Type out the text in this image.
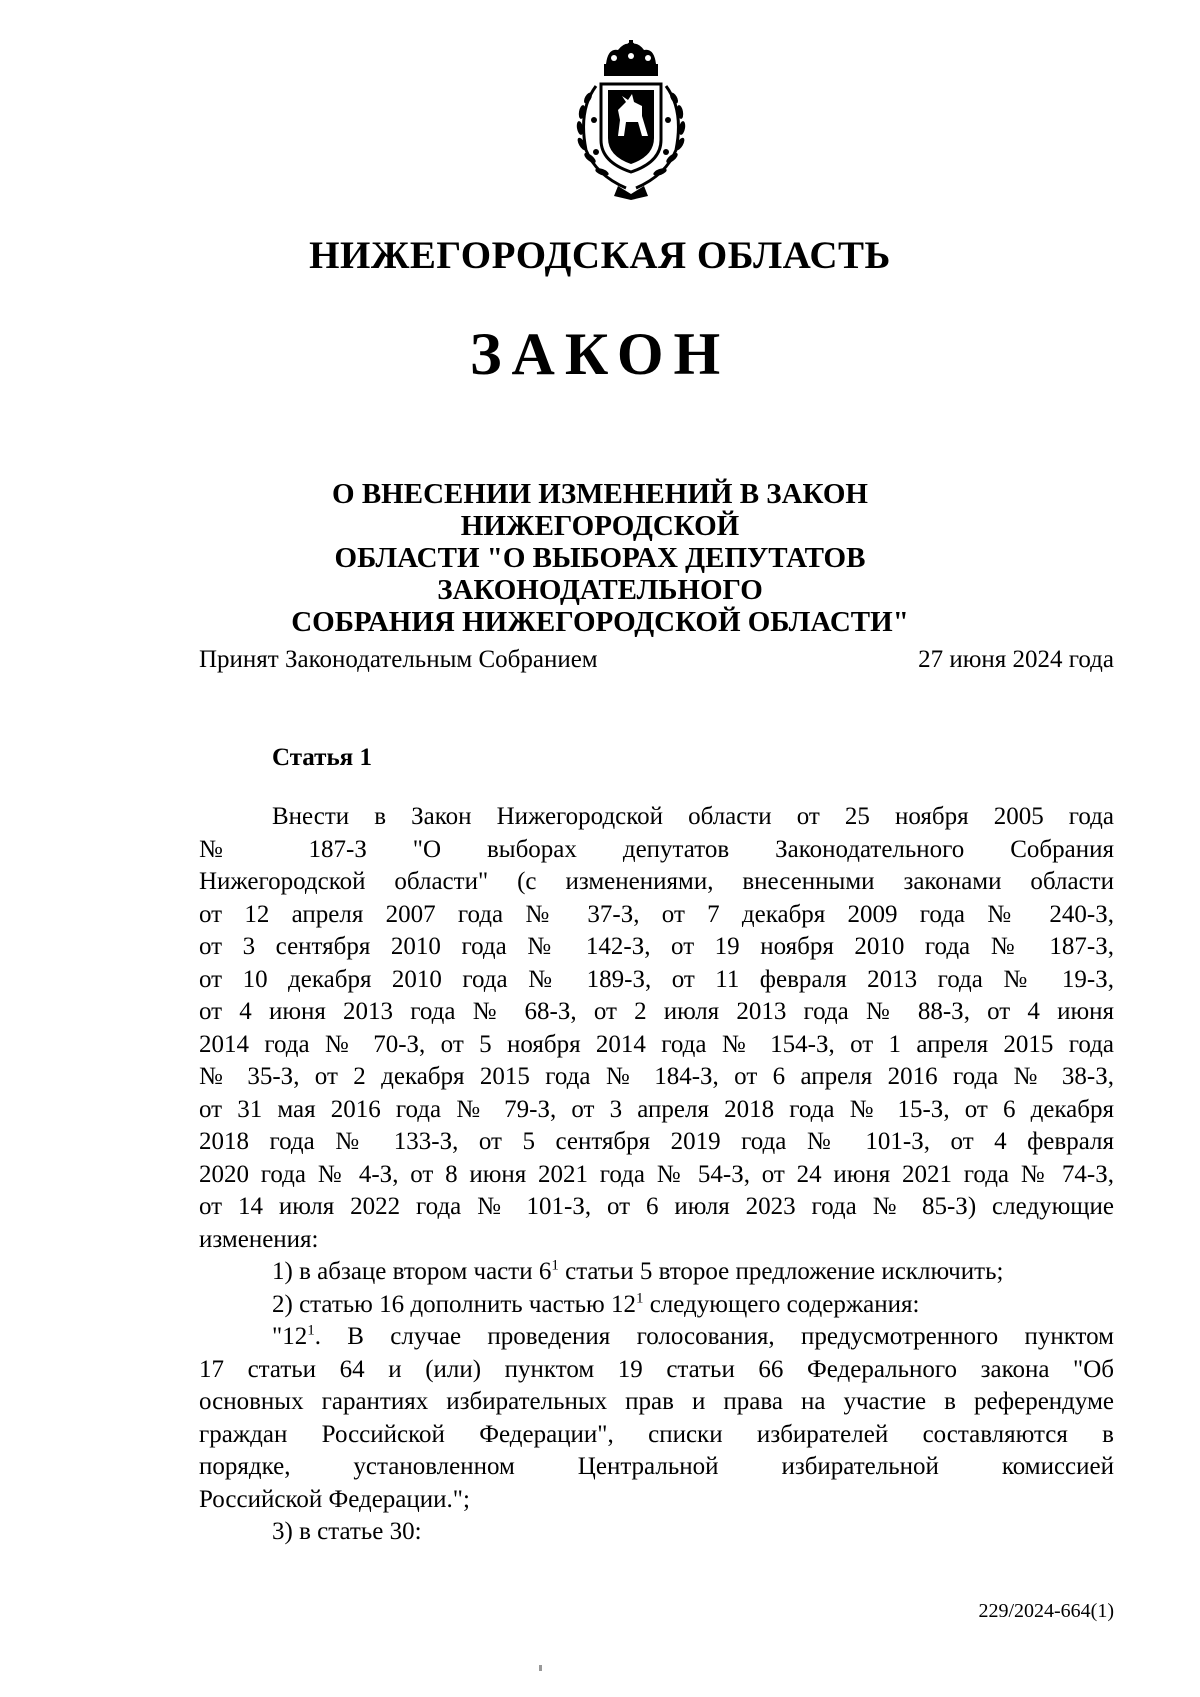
НИЖЕГОРОДСКАЯ ОБЛАСТЬ
ЗАКОН
О ВНЕСЕНИИ ИЗМЕНЕНИЙ В ЗАКОН НИЖЕГОРОДСКОЙ
ОБЛАСТИ "О ВЫБОРАХ ДЕПУТАТОВ ЗАКОНОДАТЕЛЬНОГО
СОБРАНИЯ НИЖЕГОРОДСКОЙ ОБЛАСТИ"
Принят Законодательным Собранием	27 июня 2024 года
Статья 1

Внести в Закон Нижегородской области от 25 ноября 2005 года
№ 187-З "О выборах депутатов Законодательного Собрания
Нижегородской области" (с изменениями, внесенными законами области
от 12 апреля 2007 года № 37-З, от 7 декабря 2009 года № 240-З,
от 3 сентября 2010 года № 142-З, от 19 ноября 2010 года № 187-З,
от 10 декабря 2010 года № 189-З, от 11 февраля 2013 года № 19-З,
от 4 июня 2013 года № 68-З, от 2 июля 2013 года № 88-З, от 4 июня
2014 года № 70-З, от 5 ноября 2014 года № 154-З, от 1 апреля 2015 года
№ 35-З, от 2 декабря 2015 года № 184-З, от 6 апреля 2016 года № 38-З,
от 31 мая 2016 года № 79-З, от 3 апреля 2018 года № 15-З, от 6 декабря
2018 года № 133-З, от 5 сентября 2019 года № 101-З, от 4 февраля
2020 года № 4-З, от 8 июня 2021 года № 54-З, от 24 июня 2021 года № 74-З,
от 14 июля 2022 года № 101-З, от 6 июля 2023 года № 85-З) следующие
изменения:

1) в абзаце втором части $6^1$ статьи 5 второе предложение исключить;

2) статью 16 дополнить частью $12^1$ следующего содержания:

"$12^1$. В случае проведения голосования, предусмотренного пунктом
17 статьи 64 и (или) пунктом 19 статьи 66 Федерального закона "Об
основных гарантиях избирательных прав и права на участие в референдуме
граждан Российской Федерации", списки избирателей составляются в
порядке, установленном Центральной избирательной комиссией
Российской Федерации.";

3) в статье 30:

229/2024-664(1)
